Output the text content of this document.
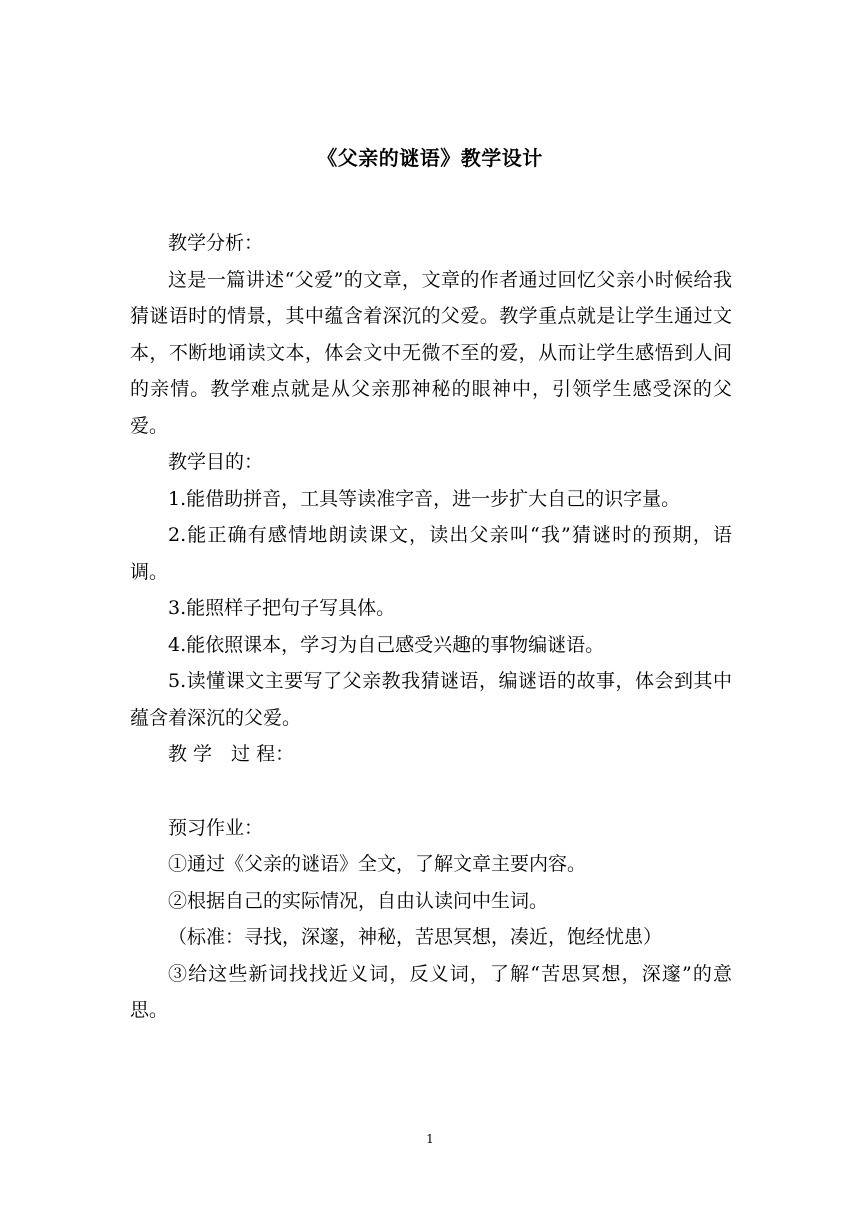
《父亲的谜语》教学设计

教学分析：

这是一篇讲述“父爱”的文章，文章的作者通过回忆父亲小时候给我猜谜语时的情景，其中蕴含着深沉的父爱。教学重点就是让学生通过文本，不断地诵读文本，体会文中无微不至的爱，从而让学生感悟到人间的亲情。教学难点就是从父亲那神秘的眼神中，引领学生感受深的父爱。

教学目的：

1.能借助拼音，工具等读准字音，进一步扩大自己的识字量。

2.能正确有感情地朗读课文，读出父亲叫“我”猜谜时的预期，语调。

3.能照样子把句子写具体。

4.能依照课本，学习为自己感受兴趣的事物编谜语。

5.读懂课文主要写了父亲教我猜谜语，编谜语的故事，体会到其中蕴含着深沉的父爱。

教 学　过 程：

预习作业：

①通过《父亲的谜语》全文，了解文章主要内容。

②根据自己的实际情况，自由认读问中生词。

（标准：寻找，深邃，神秘，苦思冥想，凑近，饱经忧患）

③给这些新词找找近义词，反义词，了解“苦思冥想，深邃”的意思。

1
